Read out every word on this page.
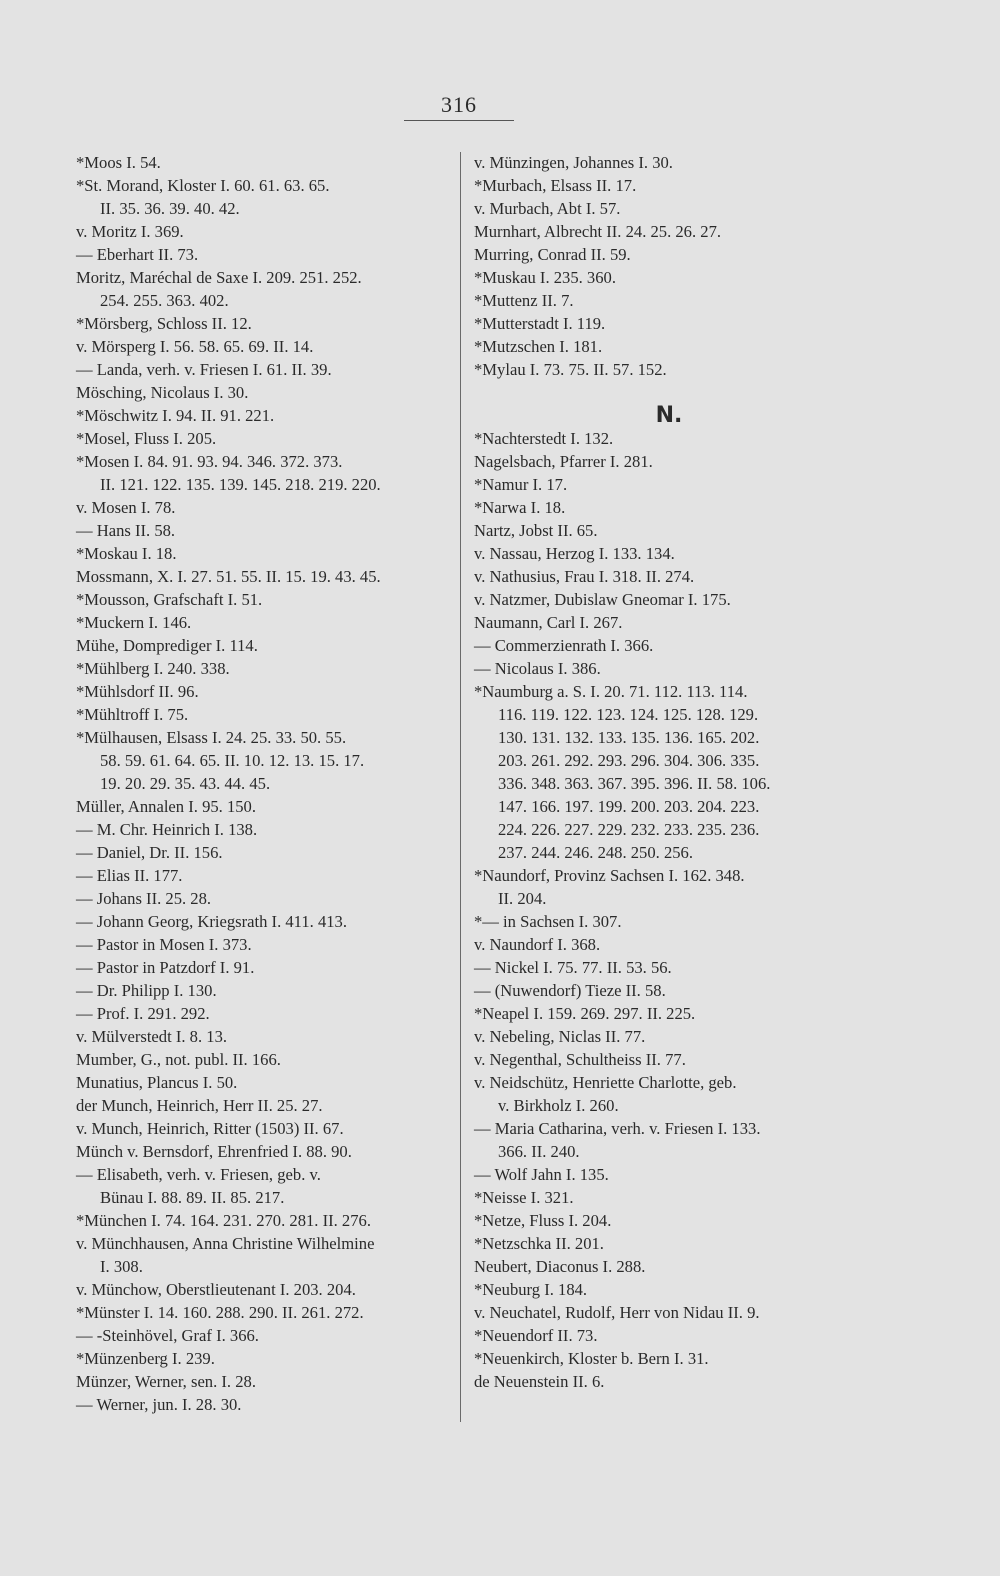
316
*Moos I. 54.
*St. Morand, Kloster I. 60. 61. 63. 65.
II. 35. 36. 39. 40. 42.
v. Moritz I. 369.
— Eberhart II. 73.
Moritz, Maréchal de Saxe I. 209. 251. 252.
254. 255. 363. 402.
*Mörsberg, Schloss II. 12.
v. Mörsperg I. 56. 58. 65. 69. II. 14.
— Landa, verh. v. Friesen I. 61. II. 39.
Mösching, Nicolaus I. 30.
*Möschwitz I. 94. II. 91. 221.
*Mosel, Fluss I. 205.
*Mosen I. 84. 91. 93. 94. 346. 372. 373.
II. 121. 122. 135. 139. 145. 218. 219. 220.
v. Mosen I. 78.
— Hans II. 58.
*Moskau I. 18.
Mossmann, X. I. 27. 51. 55. II. 15. 19. 43. 45.
*Mousson, Grafschaft I. 51.
*Muckern I. 146.
Mühe, Domprediger I. 114.
*Mühlberg I. 240. 338.
*Mühlsdorf II. 96.
*Mühltroff I. 75.
*Mülhausen, Elsass I. 24. 25. 33. 50. 55.
58. 59. 61. 64. 65. II. 10. 12. 13. 15. 17.
19. 20. 29. 35. 43. 44. 45.
Müller, Annalen I. 95. 150.
— M. Chr. Heinrich I. 138.
— Daniel, Dr. II. 156.
— Elias II. 177.
— Johans II. 25. 28.
— Johann Georg, Kriegsrath I. 411. 413.
— Pastor in Mosen I. 373.
— Pastor in Patzdorf I. 91.
— Dr. Philipp I. 130.
— Prof. I. 291. 292.
v. Mülverstedt I. 8. 13.
Mumber, G., not. publ. II. 166.
Munatius, Plancus I. 50.
der Munch, Heinrich, Herr II. 25. 27.
v. Munch, Heinrich, Ritter (1503) II. 67.
Münch v. Bernsdorf, Ehrenfried I. 88. 90.
— Elisabeth, verh. v. Friesen, geb. v.
Bünau I. 88. 89. II. 85. 217.
*München I. 74. 164. 231. 270. 281. II. 276.
v. Münchhausen, Anna Christine Wilhelmine
I. 308.
v. Münchow, Oberstlieutenant I. 203. 204.
*Münster I. 14. 160. 288. 290. II. 261. 272.
— -Steinhövel, Graf I. 366.
*Münzenberg I. 239.
Münzer, Werner, sen. I. 28.
— Werner, jun. I. 28. 30.
v. Münzingen, Johannes I. 30.
*Murbach, Elsass II. 17.
v. Murbach, Abt I. 57.
Murnhart, Albrecht II. 24. 25. 26. 27.
Murring, Conrad II. 59.
*Muskau I. 235. 360.
*Muttenz II. 7.
*Mutterstadt I. 119.
*Mutzschen I. 181.
*Mylau I. 73. 75. II. 57. 152.
N.
*Nachterstedt I. 132.
Nagelsbach, Pfarrer I. 281.
*Namur I. 17.
*Narwa I. 18.
Nartz, Jobst II. 65.
v. Nassau, Herzog I. 133. 134.
v. Nathusius, Frau I. 318. II. 274.
v. Natzmer, Dubislaw Gneomar I. 175.
Naumann, Carl I. 267.
— Commerzienrath I. 366.
— Nicolaus I. 386.
*Naumburg a. S. I. 20. 71. 112. 113. 114.
116. 119. 122. 123. 124. 125. 128. 129.
130. 131. 132. 133. 135. 136. 165. 202.
203. 261. 292. 293. 296. 304. 306. 335.
336. 348. 363. 367. 395. 396. II. 58. 106.
147. 166. 197. 199. 200. 203. 204. 223.
224. 226. 227. 229. 232. 233. 235. 236.
237. 244. 246. 248. 250. 256.
*Naundorf, Provinz Sachsen I. 162. 348.
II. 204.
*— in Sachsen I. 307.
v. Naundorf I. 368.
— Nickel I. 75. 77. II. 53. 56.
— (Nuwendorf) Tieze II. 58.
*Neapel I. 159. 269. 297. II. 225.
v. Nebeling, Niclas II. 77.
v. Negenthal, Schultheiss II. 77.
v. Neidschütz, Henriette Charlotte, geb.
v. Birkholz I. 260.
— Maria Catharina, verh. v. Friesen I. 133.
366. II. 240.
— Wolf Jahn I. 135.
*Neisse I. 321.
*Netze, Fluss I. 204.
*Netzschka II. 201.
Neubert, Diaconus I. 288.
*Neuburg I. 184.
v. Neuchatel, Rudolf, Herr von Nidau II. 9.
*Neuendorf II. 73.
*Neuenkirch, Kloster b. Bern I. 31.
de Neuenstein II. 6.
